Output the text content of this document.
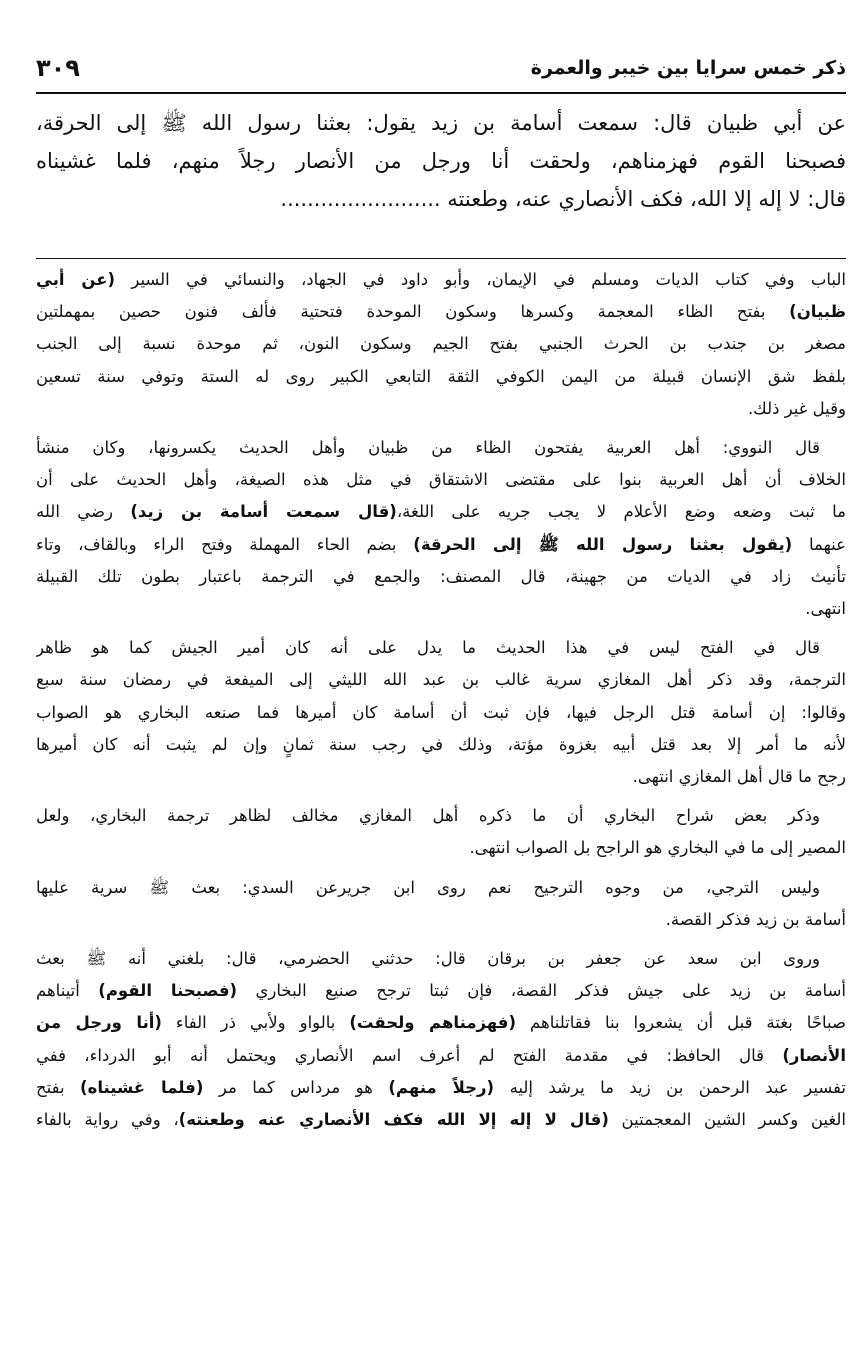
ذكر خمس سرايا بين خيبر والعمرة
٣٠٩
عن أبي ظبيان قال: سمعت أسامة بن زيد يقول: بعثنا رسول الله ﷺ إلى الحرقة،
فصبحنا القوم فهزمناهم، ولحقت أنا ورجل من الأنصار رجلاً منهم، فلما غشيناه
قال: لا إله إلا الله، فكف الأنصاري عنه، وطعنته ........................
الباب وفي كتاب الديات ومسلم في الإيمان، وأبو داود في الجهاد، والنسائي في السير (عن أبي
ظبيان) بفتح الظاء المعجمة وكسرها وسكون الموحدة فتحتية فألف فنون حصين بمهملتين
مصغر بن جندب بن الحرث الجنبي بفتح الجيم وسكون النون، ثم موحدة نسبة إلى الجنب
بلفظ شق الإنسان قبيلة من اليمن الكوفي الثقة التابعي الكبير روى له الستة وتوفي سنة تسعين
وقيل غير ذلك.
قال النووي: أهل العربية يفتحون الظاء من ظبيان وأهل الحديث يكسرونها، وكان منشأ
الخلاف أن أهل العربية بنوا على مقتضى الاشتقاق في مثل هذه الصيغة، وأهل الحديث على أن
ما ثبت وضعه وضع الأعلام لا يجب جريه على اللغة،(قال سمعت أسامة بن زيد) رضي الله
عنهما (يقول بعثنا رسول الله ﷺ إلى الحرقة) بضم الحاء المهملة وفتح الراء وبالقاف، وتاء
تأنيث زاد في الديات من جهينة، قال المصنف: والجمع في الترجمة باعتبار بطون تلك القبيلة
انتهى.
قال في الفتح ليس في هذا الحديث ما يدل على أنه كان أمير الجيش كما هو ظاهر
الترجمة، وقد ذكر أهل المغازي سرية غالب بن عبد الله الليثي إلى الميفعة في رمضان سنة سبع
وقالوا: إن أسامة قتل الرجل فيها، فإن ثبت أن أسامة كان أميرها فما صنعه البخاري هو الصواب
لأنه ما أمر إلا بعد قتل أبيه بغزوة مؤتة، وذلك في رجب سنة ثمانٍ وإن لم يثبت أنه كان أميرها
رجح ما قال أهل المغازي انتهى.
وذكر بعض شراح البخاري أن ما ذكره أهل المغازي مخالف لظاهر ترجمة البخاري، ولعل
المصير إلى ما في البخاري هو الراجح بل الصواب انتهى.
وليس الترجي، من وجوه الترجيح نعم روى ابن جريرعن السدي: بعث ﷺ سرية عليها
أسامة بن زيد فذكر القصة.
وروى ابن سعد عن جعفر بن برقان قال: حدثني الحضرمي، قال: بلغني أنه ﷺ بعث
أسامة بن زيد على جيش فذكر القصة، فإن ثبتا ترجح صنيع البخاري (فصبحنا القوم) أتيناهم
صباحًا بغتة قبل أن يشعروا بنا فقاتلناهم (فهزمناهم ولحقت) بالواو ولأبي ذر الفاء (أنا ورجل من
الأنصار) قال الحافظ: في مقدمة الفتح لم أعرف اسم الأنصاري ويحتمل أنه أبو الدرداء، ففي
تفسير عبد الرحمن بن زيد ما يرشد إليه (رجلاً منهم) هو مرداس كما مر (فلما غشيناه) بفتح
الغين وكسر الشين المعجمتين (قال لا إله إلا الله فكف الأنصاري عنه وطعنته)، وفي رواية بالفاء
